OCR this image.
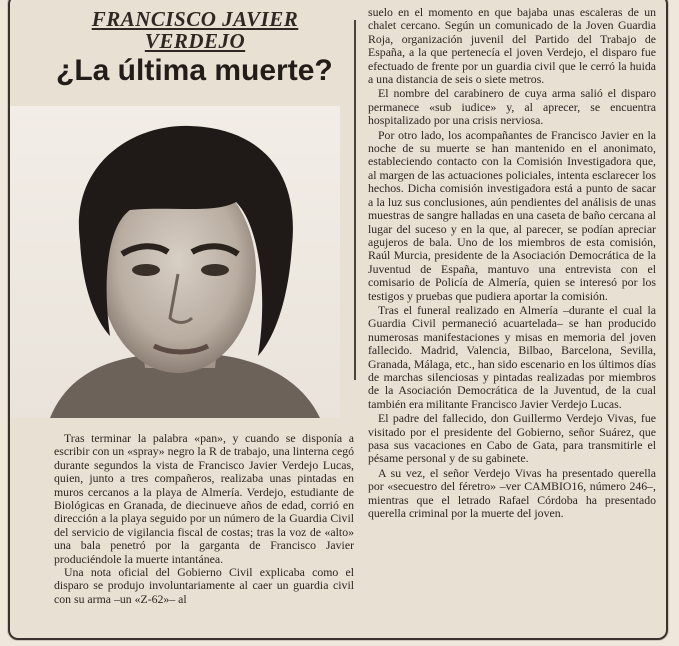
FRANCISCO JAVIER
VERDEJO
¿La última muerte?

Tras terminar la palabra «pan», y cuando se disponía a escribir con un «spray» negro la R de trabajo, una linterna cegó durante segundos la vista de Francisco Javier Verdejo Lucas, quien, junto a tres compañeros, realizaba unas pintadas en muros cercanos a la playa de Almería. Verdejo, estudiante de Biológicas en Granada, de diecinueve años de edad, corrió en dirección a la playa seguido por un número de la Guardia Civil del servicio de vigilancia fiscal de costas; tras la voz de «alto» una bala penetró por la garganta de Francisco Javier produciéndole la muerte intantánea.

Una nota oficial del Gobierno Civil explicaba como el disparo se produjo involuntariamente al caer un guardia civil con su arma –un «Z-62»– al

suelo en el momento en que bajaba unas escaleras de un chalet cercano. Según un comunicado de la Joven Guardia Roja, organización juvenil del Partido del Trabajo de España, a la que pertenecía el joven Verdejo, el disparo fue efectuado de frente por un guardia civil que le cerró la huida a una distancia de seis o siete metros.

El nombre del carabinero de cuya arma salió el disparo permanece «sub iudice» y, al aprecer, se encuentra hospitalizado por una crisis nerviosa.

Por otro lado, los acompañantes de Francisco Javier en la noche de su muerte se han mantenido en el anonimato, estableciendo contacto con la Comisión Investigadora que, al margen de las actuaciones policiales, intenta esclarecer los hechos. Dicha comisión investigadora está a punto de sacar a la luz sus conclusiones, aún pendientes del análisis de unas muestras de sangre halladas en una caseta de baño cercana al lugar del suceso y en la que, al parecer, se podían apreciar agujeros de bala. Uno de los miembros de esta comisión, Raúl Murcia, presidente de la Asociación Democrática de la Juventud de España, mantuvo una entrevista con el comisario de Policía de Almería, quien se interesó por los testigos y pruebas que pudiera aportar la comisión.

Tras el funeral realizado en Almería –durante el cual la Guardia Civil permaneció acuartelada– se han producido numerosas manifestaciones y misas en memoria del joven fallecido. Madrid, Valencia, Bilbao, Barcelona, Sevilla, Granada, Málaga, etc., han sido escenario en los últimos días de marchas silenciosas y pintadas realizadas por miembros de la Asociación Democrática de la Juventud, de la cual también era militante Francisco Javier Verdejo Lucas.

El padre del fallecido, don Guillermo Verdejo Vivas, fue visitado por el presidente del Gobierno, señor Suárez, que pasa sus vacaciones en Cabo de Gata, para transmitirle el pésame personal y de su gabinete.

A su vez, el señor Verdejo Vivas ha presentado querella por «secuestro del féretro» –ver CAMBIO16, número 246–, mientras que el letrado Rafael Córdoba ha presentado querella criminal por la muerte del joven.
